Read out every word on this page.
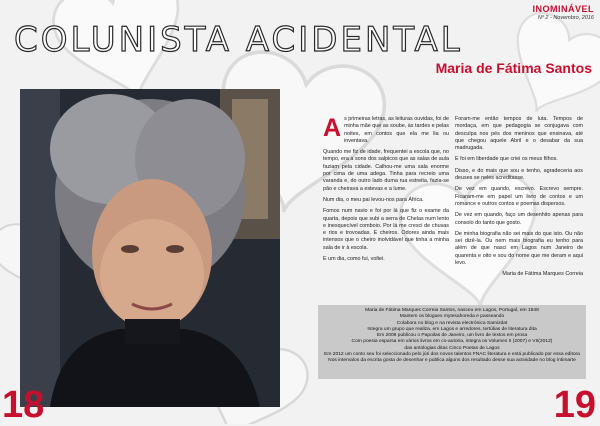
INOMINÁVEL
Nº 2 - Novembro, 2016
COLUNISTA ACIDENTAL
Maria de Fátima Santos

As primeiras letras, as leituras ouvidas, foi de minha mãe que as soube, às tardes e pelas noites, em contos que ela me lia ou inventava.

Quando me fiz de idade, frequentei a escola que, no tempo, era a sons dos salpicos que as salas de aula faziam pela cidade. Calhou-me uma sala enorme por cima de uma adega. Tinha para recreio uma varanda e, do outro lado duma rua estreita, fazia-se pão e cheirava a estevas e a lume.

Num dia, o meu pai levou-nos para África.

Fomos num navio e foi por lá que fiz o exame da quarta, depois que subi a serra de Chelas num lento e inesquecível comboio. Por lá me cresci de chuvas e rios e trovoadas. E cheiros. Odores ainda mais intensos que o cheiro inolvidável que tinha a minha sala de ir à escola.

E um dia, como fui, voltei.

Foram-me então tempos de luta. Tempos de mordaça, em que pedagogia se conjugava com desculpa nos pés dos meninos que ensinava, até que chegou aquele Abril e o desabar da sua madrugada.

E foi em liberdade que criei os meus filhos.

Disso, e do mais que sou e tenho, agradeceria aos deuses se neles acreditasse.

De vez em quando, escrevo. Escrevo sempre. Ficaram-me em papel um livro de contos e um romance e outros contos e poemas dispersos.

De vez em quando, faço um desenhito apenas para consolo do tanto que gosto.

De minha biografia não sei mais do que isto. Ou não sei dizê-la. Ou nem mais biografia eu tenho para além de que nasci em Lagos num Janeiro de quarenta e oito e sou do nome que me deram e aqui levo.

Maria de Fátima Marques Correia

Maria de Fátima Marques Correia Santos, nasceu em Lagos, Portugal, em 1948
Mantem os blogues mytesahoreda e passeando
Colabora no blog e na revista electrónica Samizdat
Integra um grupo que realiza, em Lagos e arredores, tertúlias de literatura dita
Em 2009 publicou o Papoilas de Janeiro, um livro de textos em prosa
Com poesia esparsa em vários livros em co-autoria, integra os Volumes II (2007) e VII(2012)
das antologias ditas Cinco Poetas de Lagos
Em 2012 um conto seu foi seleccionado pelo júri dos novos talentos FNAC literatura e está publicado por essa editora
Nos intervalos da escrita gosta de desenhar e publica alguns dos resultado desse sua actividade no blog íntimarte
18	19
